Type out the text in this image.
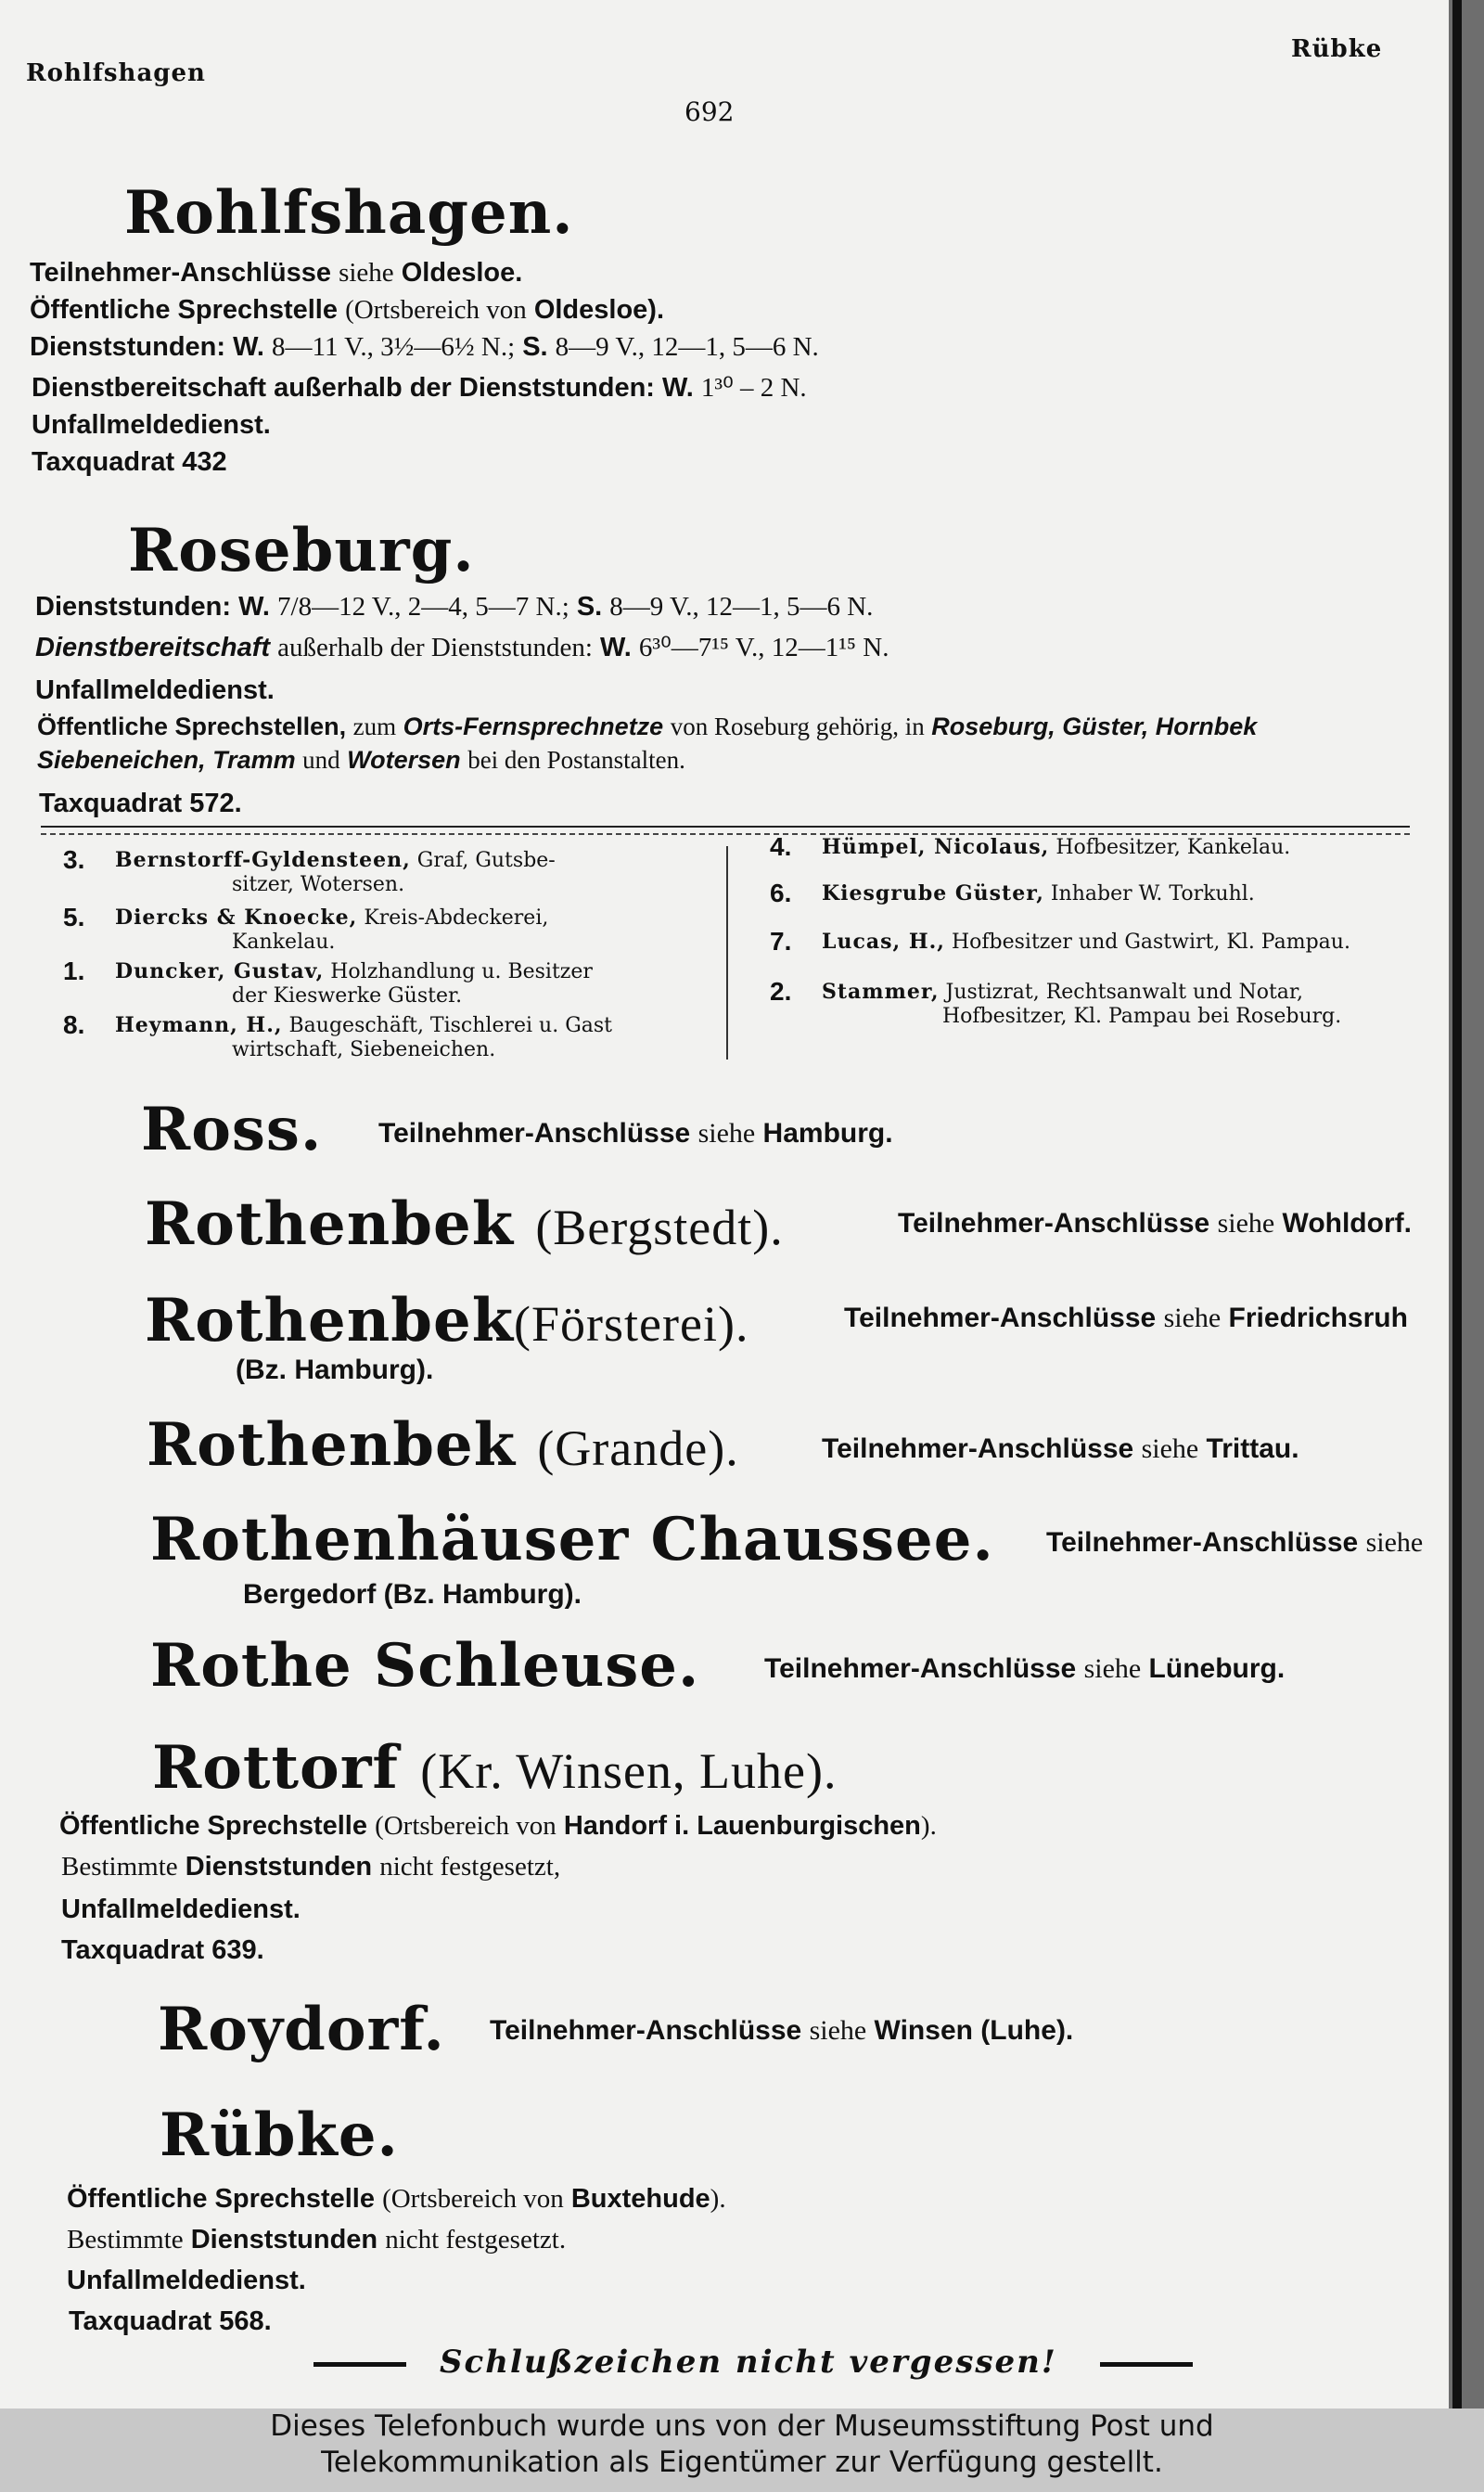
Rohlfshagen
Rübke
692
Rohlfshagen.
Teilnehmer-Anschlüsse siehe Oldesloe.
Öffentliche Sprechstelle (Ortsbereich von Oldesloe).
Dienststunden: W. 8—11 V., 3½—6½ N.; S. 8—9 V., 12—1, 5—6 N.
Dienstbereitschaft außerhalb der Dienststunden: W. 1³⁰ – 2 N.
Unfallmeldedienst.
Taxquadrat 432
Roseburg.
Dienststunden: W. 7/8—12 V., 2—4, 5—7 N.; S. 8—9 V., 12—1, 5—6 N.
Dienstbereitschaft außerhalb der Dienststunden: W. 6³⁰—7¹⁵ V., 12—1¹⁵ N.
Unfallmeldedienst.
Öffentliche Sprechstellen, zum Orts-Fernsprechnetze von Roseburg gehörig, in Roseburg, Güster, Hornbek
Siebeneichen, Tramm und Wotersen bei den Postanstalten.
Taxquadrat 572.
3. Bernstorff-Gyldensteen, Graf, Gutsbe-
sitzer, Wotersen.
5. Diercks & Knoecke, Kreis-Abdeckerei,
Kankelau.
1. Duncker, Gustav, Holzhandlung u. Besitzer
der Kieswerke Güster.
8. Heymann, H., Baugeschäft, Tischlerei u. Gast
wirtschaft, Siebeneichen.
4. Hümpel, Nicolaus, Hofbesitzer, Kankelau.
6. Kiesgrube Güster, Inhaber W. Torkuhl.
7. Lucas, H., Hofbesitzer und Gastwirt, Kl. Pampau.
2. Stammer, Justizrat, Rechtsanwalt und Notar,
Hofbesitzer, Kl. Pampau bei Roseburg.
Ross. Teilnehmer-Anschlüsse siehe Hamburg.
Rothenbek (Bergstedt).	Teilnehmer-Anschlüsse siehe Wohldorf.
Rothenbek(Försterei).	Teilnehmer-Anschlüsse siehe Friedrichsruh
(Bz. Hamburg).
Rothenbek (Grande).	Teilnehmer-Anschlüsse siehe Trittau.
Rothenhäuser Chaussee. Teilnehmer-Anschlüsse siehe
Bergedorf (Bz. Hamburg).
Rothe Schleuse. Teilnehmer-Anschlüsse siehe Lüneburg.
Rottorf (Kr. Winsen, Luhe).
Öffentliche Sprechstelle (Ortsbereich von Handorf i. Lauenburgischen).
Bestimmte Dienststunden nicht festgesetzt,
Unfallmeldedienst.
Taxquadrat 639.
Roydorf. Teilnehmer-Anschlüsse siehe Winsen (Luhe).
Rübke.
Öffentliche Sprechstelle (Ortsbereich von Buxtehude).
Bestimmte Dienststunden nicht festgesetzt.
Unfallmeldedienst.
Taxquadrat 568.
Schlußzeichen nicht vergessen!
Dieses Telefonbuch wurde uns von der Museumsstiftung Post und
Telekommunikation als Eigentümer zur Verfügung gestellt.
